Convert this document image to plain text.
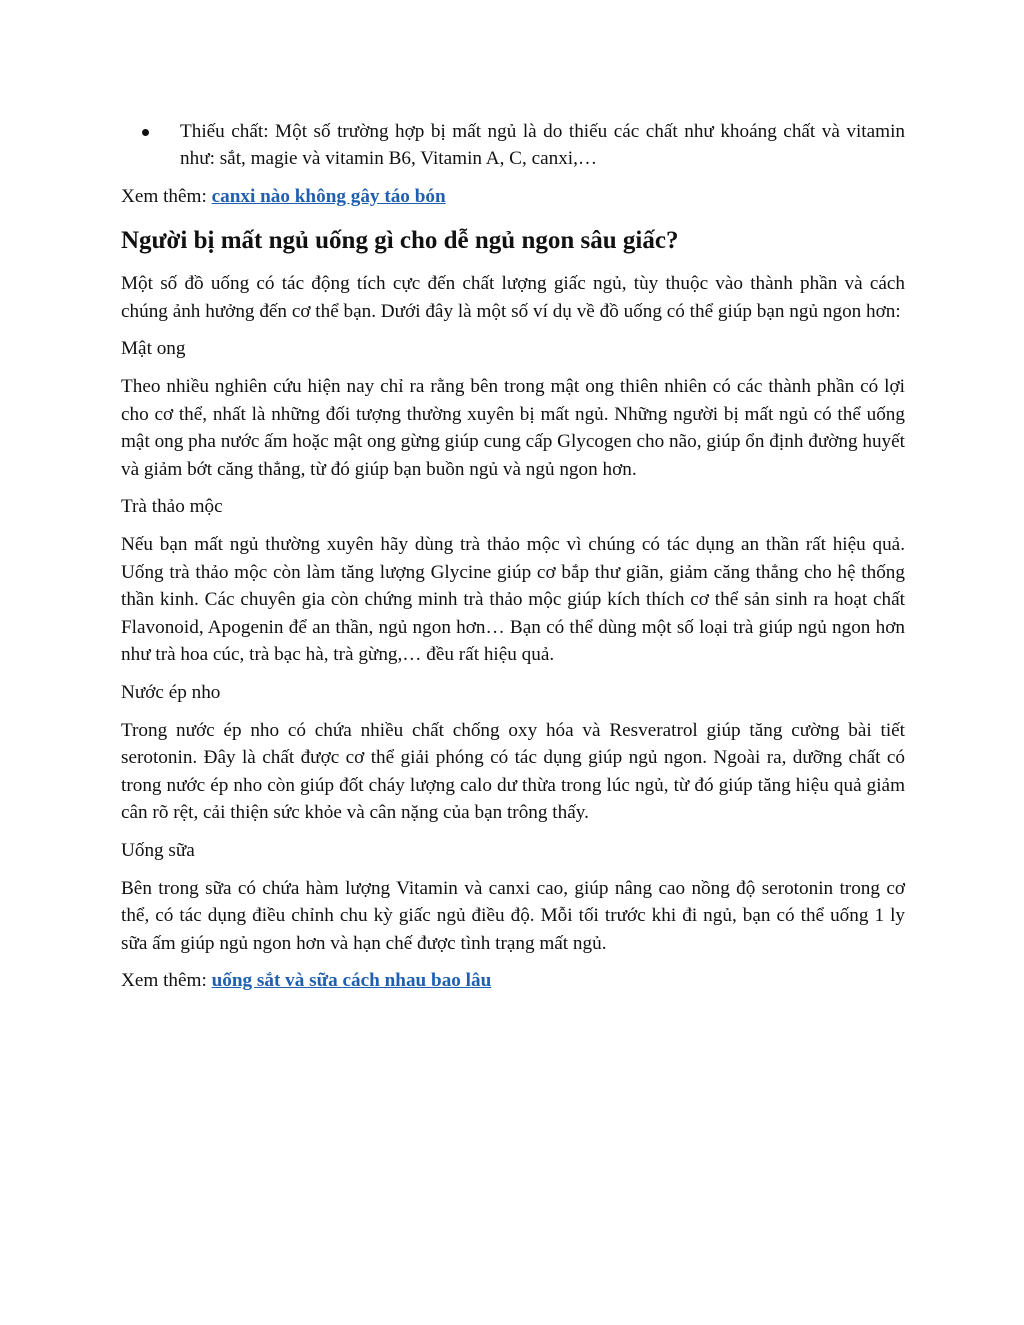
Thiếu chất: Một số trường hợp bị mất ngủ là do thiếu các chất như khoáng chất và vitamin như: sắt, magie và vitamin B6, Vitamin A, C, canxi,…

Xem thêm: canxi nào không gây táo bón

Người bị mất ngủ uống gì cho dễ ngủ ngon sâu giấc?

Một số đồ uống có tác động tích cực đến chất lượng giấc ngủ, tùy thuộc vào thành phần và cách chúng ảnh hưởng đến cơ thể bạn. Dưới đây là một số ví dụ về đồ uống có thể giúp bạn ngủ ngon hơn:

Mật ong

Theo nhiều nghiên cứu hiện nay chỉ ra rằng bên trong mật ong thiên nhiên có các thành phần có lợi cho cơ thể, nhất là những đối tượng thường xuyên bị mất ngủ. Những người bị mất ngủ có thể uống mật ong pha nước ấm hoặc mật ong gừng giúp cung cấp Glycogen cho não, giúp ổn định đường huyết và giảm bớt căng thẳng, từ đó giúp bạn buồn ngủ và ngủ ngon hơn.

Trà thảo mộc

Nếu bạn mất ngủ thường xuyên hãy dùng trà thảo mộc vì chúng có tác dụng an thần rất hiệu quả. Uống trà thảo mộc còn làm tăng lượng Glycine giúp cơ bắp thư giãn, giảm căng thẳng cho hệ thống thần kinh. Các chuyên gia còn chứng minh trà thảo mộc giúp kích thích cơ thể sản sinh ra hoạt chất Flavonoid, Apogenin để an thần, ngủ ngon hơn… Bạn có thể dùng một số loại trà giúp ngủ ngon hơn như trà hoa cúc, trà bạc hà, trà gừng,… đều rất hiệu quả.

Nước ép nho

Trong nước ép nho có chứa nhiều chất chống oxy hóa và Resveratrol giúp tăng cường bài tiết serotonin. Đây là chất được cơ thể giải phóng có tác dụng giúp ngủ ngon. Ngoài ra, dưỡng chất có trong nước ép nho còn giúp đốt cháy lượng calo dư thừa trong lúc ngủ, từ đó giúp tăng hiệu quả giảm cân rõ rệt, cải thiện sức khỏe và cân nặng của bạn trông thấy.

Uống sữa

Bên trong sữa có chứa hàm lượng Vitamin và canxi cao, giúp nâng cao nồng độ serotonin trong cơ thể, có tác dụng điều chỉnh chu kỳ giấc ngủ điều độ. Mỗi tối trước khi đi ngủ, bạn có thể uống 1 ly sữa ấm giúp ngủ ngon hơn và hạn chế được tình trạng mất ngủ.

Xem thêm: uống sắt và sữa cách nhau bao lâu
